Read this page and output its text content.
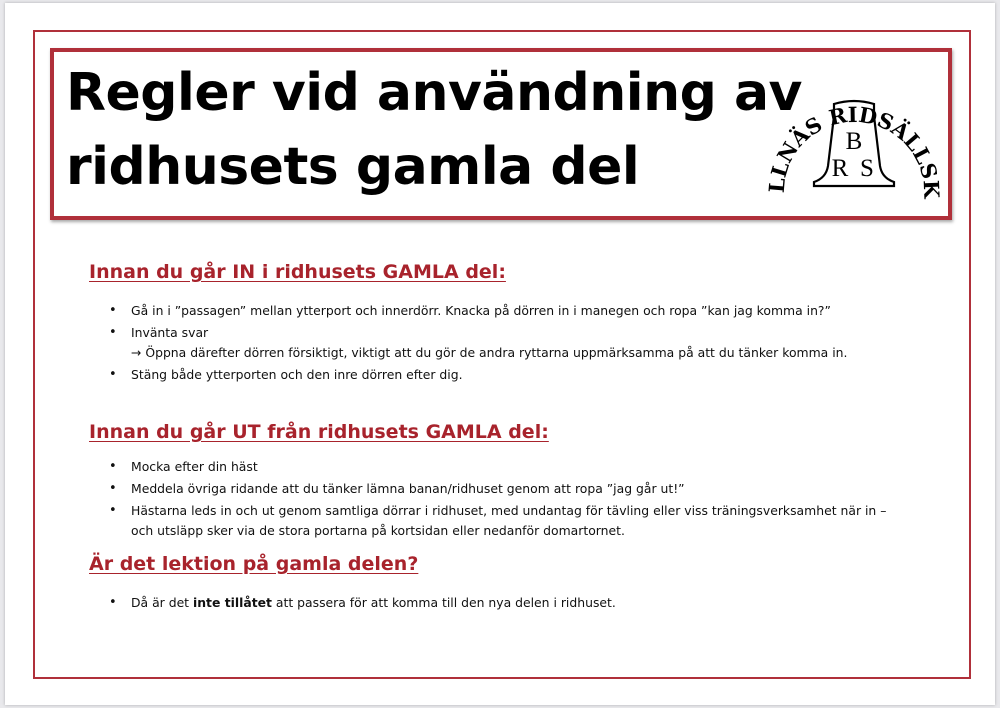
Regler vid användning av
ridhusets gamla del	LLNÄS RIDSÄLLSK
B
R S
Innan du går IN i ridhusets GAMLA del:
• Gå in i ”passagen” mellan ytterport och innerdörr. Knacka på dörren in i manegen och ropa ”kan jag komma in?”
• Invänta svar
→ Öppna därefter dörren försiktigt, viktigt att du gör de andra ryttarna uppmärksamma på att du tänker komma in.
• Stäng både ytterporten och den inre dörren efter dig.
Innan du går UT från ridhusets GAMLA del:
• Mocka efter din häst
• Meddela övriga ridande att du tänker lämna banan/ridhuset genom att ropa ”jag går ut!”
• Hästarna leds in och ut genom samtliga dörrar i ridhuset, med undantag för tävling eller viss träningsverksamhet när in –
och utsläpp sker via de stora portarna på kortsidan eller nedanför domartornet.
Är det lektion på gamla delen?
• Då är det inte tillåtet att passera för att komma till den nya delen i ridhuset.
